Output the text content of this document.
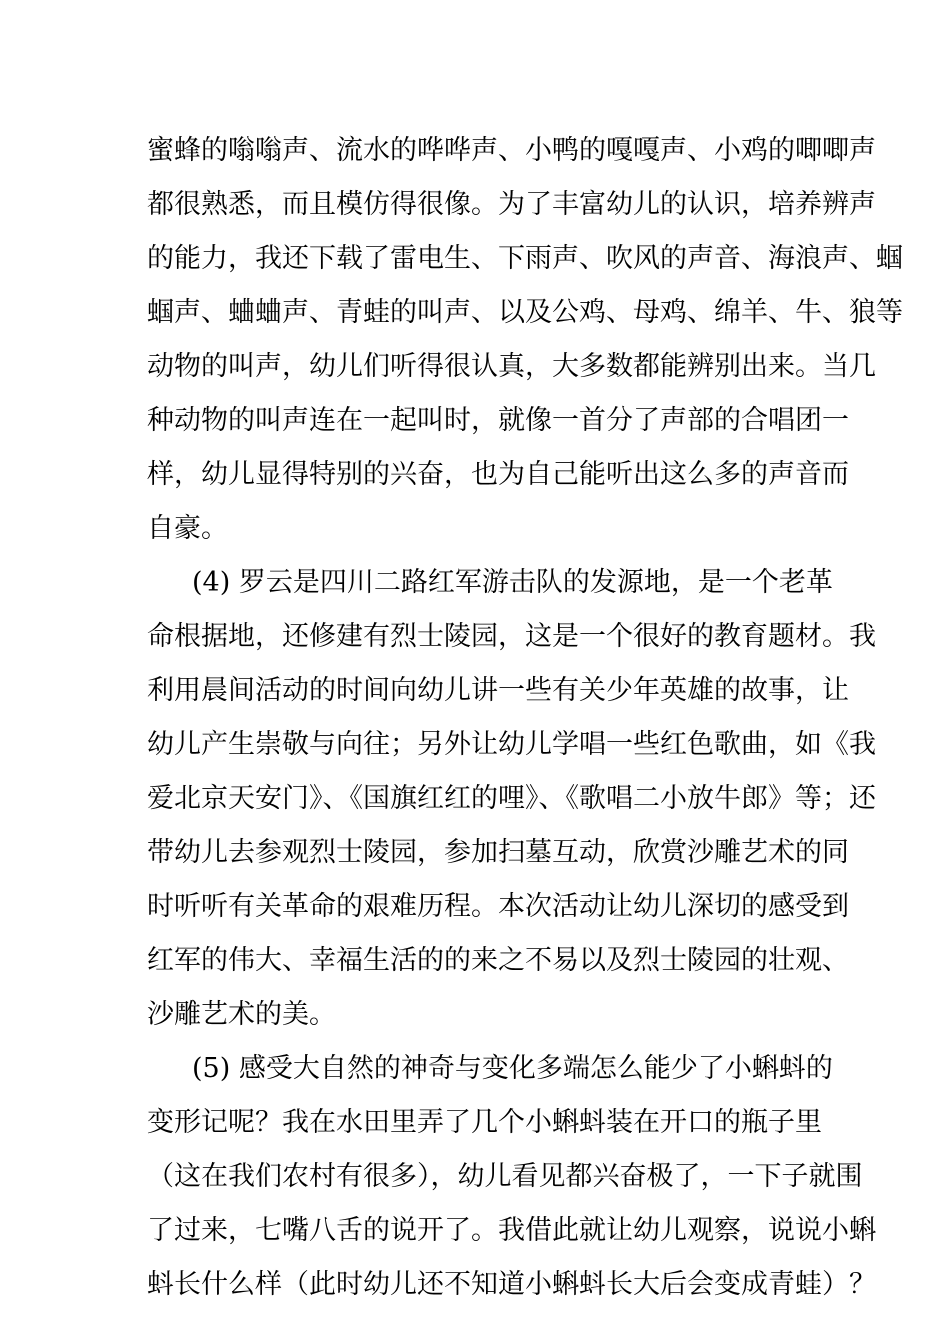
蜜蜂的嗡嗡声、流水的哗哗声、小鸭的嘎嘎声、小鸡的唧唧声
都很熟悉，而且模仿得很像。为了丰富幼儿的认识，培养辨声
的能力，我还下载了雷电生、下雨声、吹风的声音、海浪声、蝈
蝈声、蛐蛐声、青蛙的叫声、以及公鸡、母鸡、绵羊、牛、狼等
动物的叫声，幼儿们听得很认真，大多数都能辨别出来。当几
种动物的叫声连在一起叫时，就像一首分了声部的合唱团一
样，幼儿显得特别的兴奋，也为自己能听出这么多的声音而
自豪。
(4) 罗云是四川二路红军游击队的发源地，是一个老革
命根据地，还修建有烈士陵园，这是一个很好的教育题材。我
利用晨间活动的时间向幼儿讲一些有关少年英雄的故事，让
幼儿产生崇敬与向往；另外让幼儿学唱一些红色歌曲，如《我
爱北京天安门》、《国旗红红的哩》、《歌唱二小放牛郎》等；还
带幼儿去参观烈士陵园，参加扫墓互动，欣赏沙雕艺术的同
时听听有关革命的艰难历程。本次活动让幼儿深切的感受到
红军的伟大、幸福生活的的来之不易以及烈士陵园的壮观、
沙雕艺术的美。
(5) 感受大自然的神奇与变化多端怎么能少了小蝌蚪的
变形记呢？我在水田里弄了几个小蝌蚪装在开口的瓶子里
（这在我们农村有很多），幼儿看见都兴奋极了，一下子就围
了过来，七嘴八舌的说开了。我借此就让幼儿观察，说说小蝌
蚪长什么样（此时幼儿还不知道小蝌蚪长大后会变成青蛙）？
